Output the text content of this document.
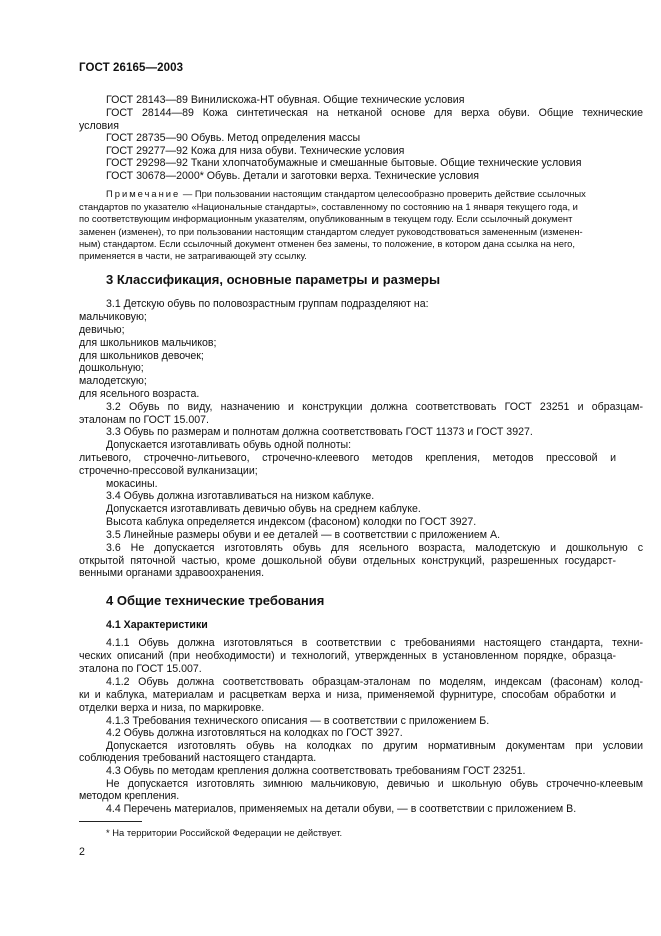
ГОСТ 26165—2003
ГОСТ 28143—89 Винилискожа-НТ обувная. Общие технические условия
ГОСТ 28144—89 Кожа синтетическая на нетканой основе для верха обуви. Общие технические
условия
ГОСТ 28735—90 Обувь. Метод определения массы
ГОСТ 29277—92 Кожа для низа обуви. Технические условия
ГОСТ 29298—92 Ткани хлопчатобумажные и смешанные бытовые. Общие технические условия
ГОСТ 30678—2000* Обувь. Детали и заготовки верха. Технические условия
Примечание — При пользовании настоящим стандартом целесообразно проверить действие ссылочных
стандартов по указателю «Национальные стандарты», составленному по состоянию на 1 января текущего года, и
по соответствующим информационным указателям, опубликованным в текущем году. Если ссылочный документ
заменен (изменен), то при пользовании настоящим стандартом следует руководствоваться замененным (изменен-
ным) стандартом. Если ссылочный документ отменен без замены, то положение, в котором дана ссылка на него,
применяется в части, не затрагивающей эту ссылку.
3 Классификация, основные параметры и размеры
3.1 Детскую обувь по половозрастным группам подразделяют на:
мальчиковую;
девичью;
для школьников мальчиков;
для школьников девочек;
дошкольную;
малодетскую;
для ясельного возраста.
3.2 Обувь по виду, назначению и конструкции должна соответствовать ГОСТ 23251 и образцам-
эталонам по ГОСТ 15.007.
3.3 Обувь по размерам и полнотам должна соответствовать ГОСТ 11373 и ГОСТ 3927.
Допускается изготавливать обувь одной полноты:
литьевого, строчечно-литьевого, строчечно-клеевого методов крепления, методов прессовой и
строчечно-прессовой вулканизации;
мокасины.
3.4 Обувь должна изготавливаться на низком каблуке.
Допускается изготавливать девичью обувь на среднем каблуке.
Высота каблука определяется индексом (фасоном) колодки по ГОСТ 3927.
3.5 Линейные размеры обуви и ее деталей — в соответствии с приложением А.
3.6 Не допускается изготовлять обувь для ясельного возраста, малодетскую и дошкольную с
открытой пяточной частью, кроме дошкольной обуви отдельных конструкций, разрешенных государст-
венными органами здравоохранения.
4 Общие технические требования
4.1 Характеристики
4.1.1 Обувь должна изготовляться в соответствии с требованиями настоящего стандарта, техни-
ческих описаний (при необходимости) и технологий, утвержденных в установленном порядке, образца-
эталона по ГОСТ 15.007.
4.1.2 Обувь должна соответствовать образцам-эталонам по моделям, индексам (фасонам) колод-
ки и каблука, материалам и расцветкам верха и низа, применяемой фурнитуре, способам обработки и
отделки верха и низа, по маркировке.
4.1.3 Требования технического описания — в соответствии с приложением Б.
4.2 Обувь должна изготовляться на колодках по ГОСТ 3927.
Допускается изготовлять обувь на колодках по другим нормативным документам при условии
соблюдения требований настоящего стандарта.
4.3 Обувь по методам крепления должна соответствовать требованиям ГОСТ 23251.
Не допускается изготовлять зимнюю мальчиковую, девичью и школьную обувь строчечно-клеевым
методом крепления.
4.4 Перечень материалов, применяемых на детали обуви, — в соответствии с приложением В.
* На территории Российской Федерации не действует.
2
